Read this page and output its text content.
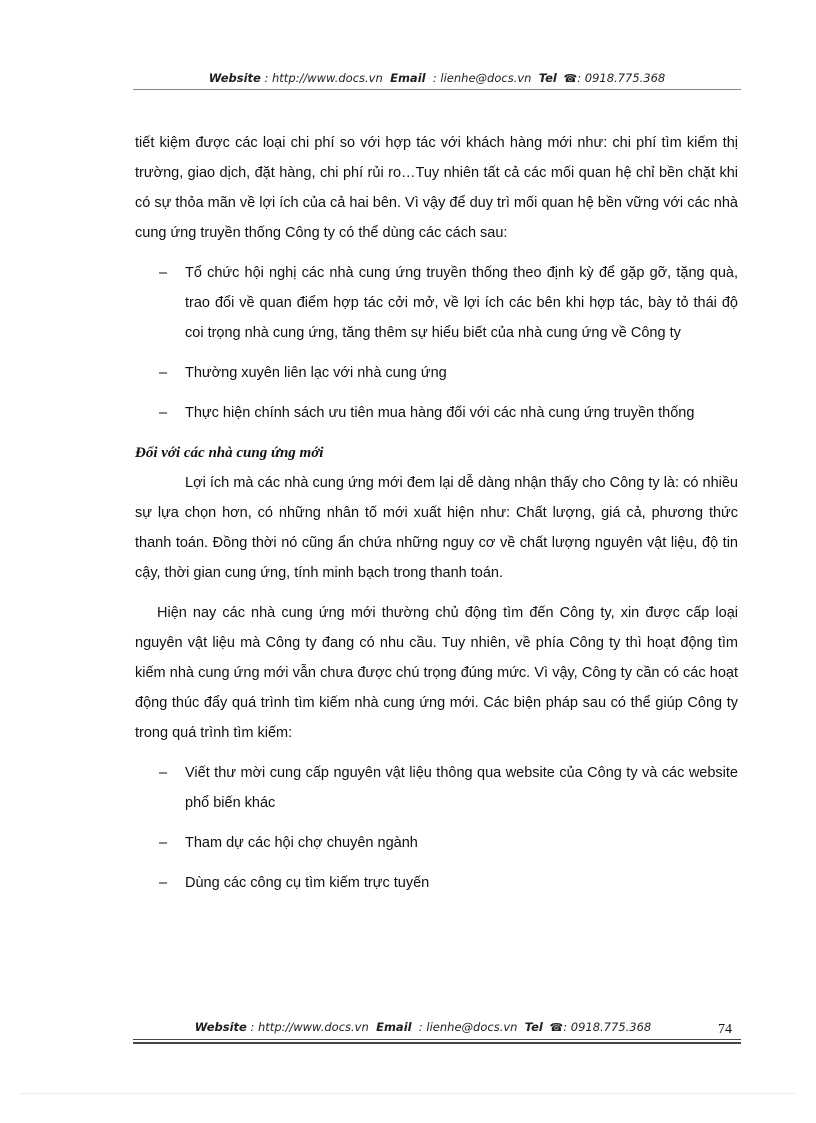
Website : http://www.docs.vn Email : lienhe@docs.vn Tel ☎: 0918.775.368

tiết kiệm được các loại chi phí so với hợp tác với khách hàng mới như: chi phí tìm kiếm thị trường, giao dịch, đặt hàng, chi phí rủi ro…Tuy nhiên tất cả các mối quan hệ chỉ bền chặt khi có sự thỏa mãn về lợi ích của cả hai bên. Vì vậy để duy trì mối quan hệ bền vững với các nhà cung ứng truyền thống Công ty có thể dùng các cách sau:

– Tổ chức hội nghị các nhà cung ứng truyền thống theo định kỳ để gặp gỡ, tặng quà, trao đổi về quan điểm hợp tác cởi mở, về lợi ích các bên khi hợp tác, bày tỏ thái độ coi trọng nhà cung ứng, tăng thêm sự hiểu biết của nhà cung ứng về Công ty
– Thường xuyên liên lạc với nhà cung ứng
– Thực hiện chính sách ưu tiên mua hàng đối với các nhà cung ứng truyền thống

Đối với các nhà cung ứng mới

Lợi ích mà các nhà cung ứng mới đem lại dễ dàng nhận thấy cho Công ty là: có nhiều sự lựa chọn hơn, có những nhân tố mới xuất hiện như: Chất lượng, giá cả, phương thức thanh toán. Đồng thời nó cũng ẩn chứa những nguy cơ về chất lượng nguyên vật liệu, độ tin cậy, thời gian cung ứng, tính minh bạch trong thanh toán.

Hiện nay các nhà cung ứng mới thường chủ động tìm đến Công ty, xin được cấp loại nguyên vật liệu mà Công ty đang có nhu cầu. Tuy nhiên, về phía Công ty thì hoạt động tìm kiếm nhà cung ứng mới vẫn chưa được chú trọng đúng mức. Vì vậy, Công ty cần có các hoạt động thúc đẩy quá trình tìm kiếm nhà cung ứng mới. Các biện pháp sau có thể giúp Công ty trong quá trình tìm kiếm:

– Viết thư mời cung cấp nguyên vật liệu thông qua website của Công ty và các website phổ biến khác
– Tham dự các hội chợ chuyên ngành
– Dùng các công cụ tìm kiếm trực tuyến
Website : http://www.docs.vn Email : lienhe@docs.vn Tel ☎: 0918.775.368	74
